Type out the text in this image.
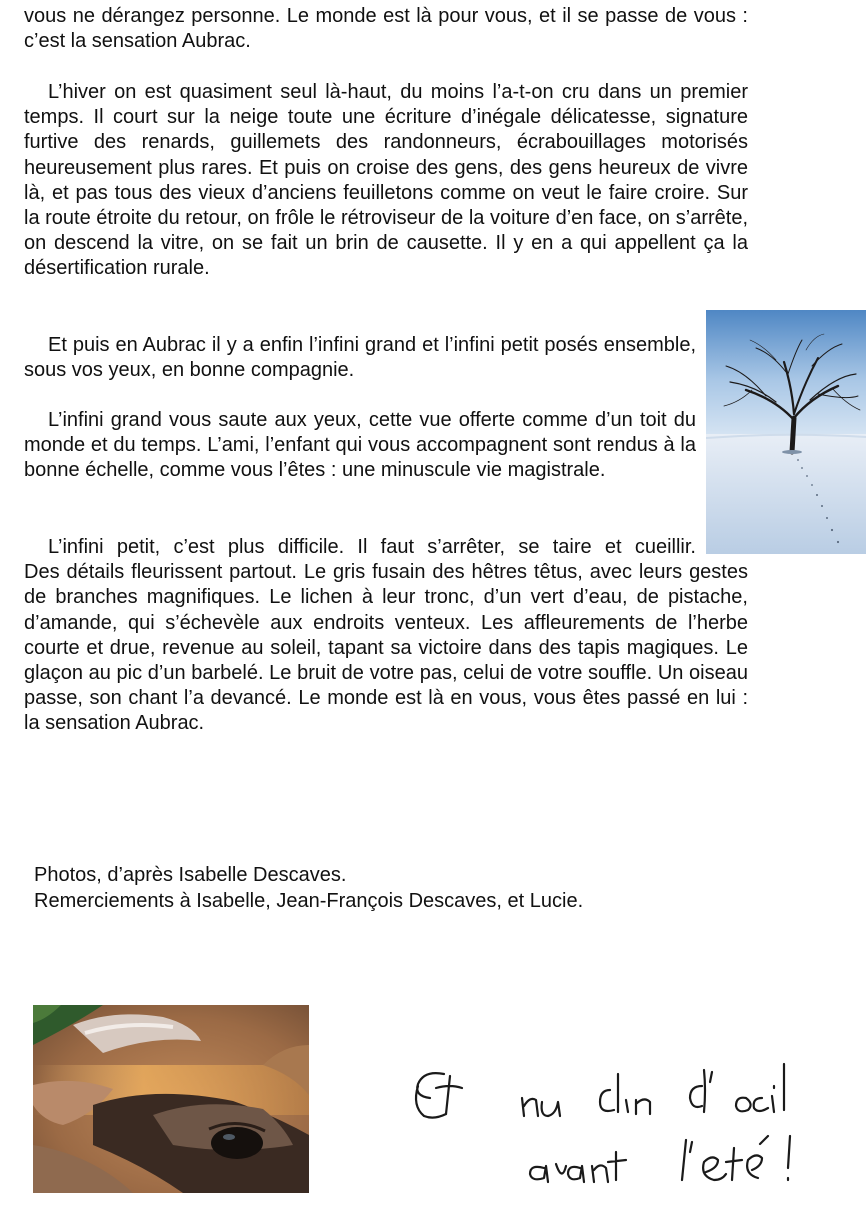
vous ne dérangez personne. Le monde est là pour vous, et il se passe de vous : c’est la sensation Aubrac.

L’hiver on est quasiment seul là-haut, du moins l’a-t-on cru dans un premier temps. Il court sur la neige toute une écriture d’inégale délicatesse, signature furtive des renards, guillemets des randonneurs, écrabouillages motorisés heureusement plus rares. Et puis on croise des gens, des gens heureux de vivre là, et pas tous des vieux d’anciens feuilletons comme on veut le faire croire. Sur la route étroite du retour, on frôle le rétroviseur de la voiture d’en face, on s’arrête, on descend la vitre, on se fait un brin de causette. Il y en a qui appellent ça la désertification rurale.

Et puis en Aubrac il y a enfin l’infini grand et l’infini petit posés ensemble, sous vos yeux, en bonne compagnie.

L’infini grand vous saute aux yeux, cette vue offerte comme d’un toit du monde et du temps. L’ami, l’enfant qui vous accompagnent sont rendus à la bonne échelle, comme vous l’êtes : une minuscule vie magistrale.

L’infini petit, c’est plus difficile. Il faut s’arrêter, se taire et cueillir.
Des détails fleurissent partout. Le gris fusain des hêtres têtus, avec leurs gestes de branches magnifiques. Le lichen à leur tronc, d’un vert d’eau, de pistache, d’amande, qui s’échevèle aux endroits venteux. Les affleurements de l’herbe courte et drue, revenue au soleil, tapant sa victoire dans des tapis magiques. Le glaçon au pic d’un barbelé. Le bruit de votre pas, celui de votre souffle. Un oiseau passe, son chant l’a devancé. Le monde est là en vous, vous êtes passé en lui : la sensation Aubrac.
Photos, d’après Isabelle Descaves.
Remerciements à Isabelle, Jean-François Descaves, et Lucie.
